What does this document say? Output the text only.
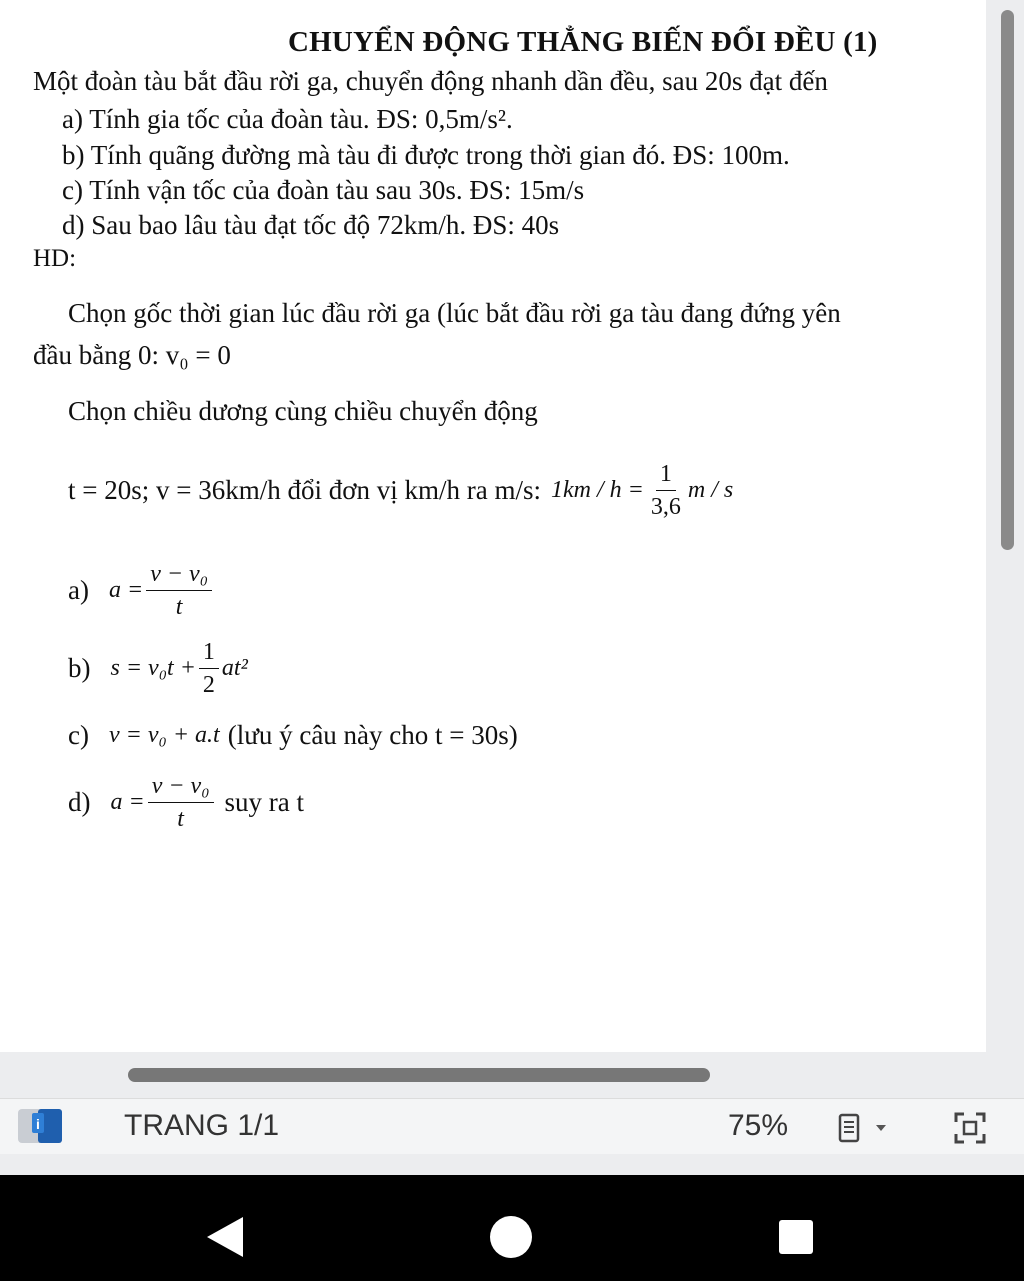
CHUYỂN ĐỘNG THẲNG BIẾN ĐỔI ĐỀU (1)
Một đoàn tàu bắt đầu rời ga, chuyển động nhanh dần đều, sau 20s đạt đến
a) Tính gia tốc của đoàn tàu. ĐS: 0,5m/s².
b) Tính quãng đường mà tàu đi được trong thời gian đó. ĐS: 100m.
c) Tính vận tốc của đoàn tàu sau 30s. ĐS: 15m/s
d) Sau bao lâu tàu đạt tốc độ 72km/h. ĐS: 40s
HD:
Chọn gốc thời gian lúc đầu rời ga (lúc bắt đầu rời ga tàu đang đứng yên
đầu bằng 0: v₀ = 0
Chọn chiều dương cùng chiều chuyển động
t = 20s; v = 36km/h đổi đơn vị km/h ra m/s: $1km / h = \frac{1}{3,6}$ m / s
a) $a = \frac{\text{v − v₀}}{t}$
b) $s = v_0t + \frac{1}{2} at^2$
c) v = v₀ + a.t (lưu ý câu này cho t = 30s)
d) $a = \frac{\text{v − v₀}}{t}$ suy ra t
i	TRANG 1/1	75%
